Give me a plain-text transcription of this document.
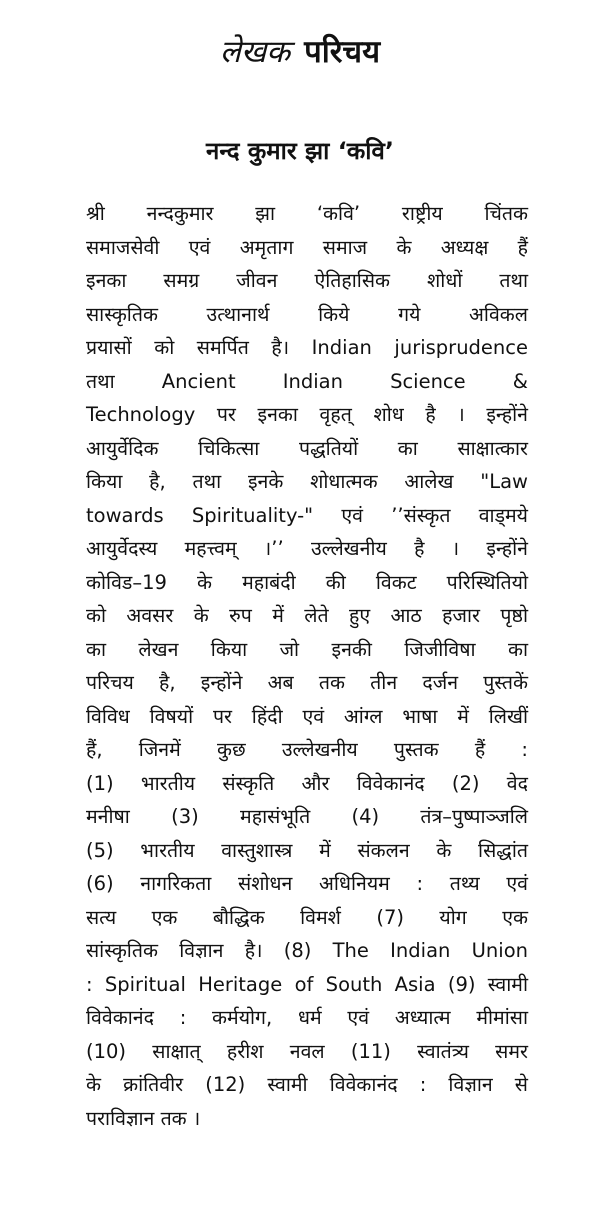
लेखक परिचय
नन्द कुमार झा ‘कवि’
श्री नन्दकुमार झा ‘कवि’ राष्ट्रीय चिंतक
समाजसेवी एवं अमृताग समाज के अध्यक्ष हैं
इनका समग्र जीवन ऐतिहासिक शोधों तथा
सास्कृतिक उत्थानार्थ किये गये अविकल
प्रयासों को समर्पित है। Indian jurisprudence
तथा Ancient Indian Science &
Technology पर इनका वृहत् शोध है । इन्होंने
आयुर्वेदिक चिकित्सा पद्धतियों का साक्षात्कार
किया है, तथा इनके शोधात्मक आलेख "Law
towards Spirituality-" एवं ’’संस्कृत वाड्मये
आयुर्वेदस्य महत्त्वम् ।’’ उल्लेखनीय है । इन्होंने
कोविड–19 के महाबंदी की विकट परिस्थितियो
को अवसर के रुप में लेते हुए आठ हजार पृष्ठो
का लेखन किया जो इनकी जिजीविषा का
परिचय है, इन्होंने अब तक तीन दर्जन पुस्तकें
विविध विषयों पर हिंदी एवं आंग्ल भाषा में लिखीं
हैं, जिनमें कुछ उल्लेखनीय पुस्तक हैं :
(1) भारतीय संस्कृति और विवेकानंद (2) वेद
मनीषा (3) महासंभूति (4) तंत्र–पुष्पाञ्जलि
(5) भारतीय वास्तुशास्त्र में संकलन के सिद्धांत
(6) नागरिकता संशोधन अधिनियम : तथ्य एवं
सत्य एक बौद्धिक विमर्श (7) योग एक
सांस्कृतिक विज्ञान है। (8) The Indian Union
: Spiritual Heritage of South Asia (9) स्वामी
विवेकानंद : कर्मयोग, धर्म एवं अध्यात्म मीमांसा
(10) साक्षात् हरीश नवल (11) स्वातंत्र्य समर
के क्रांतिवीर (12) स्वामी विवेकानंद : विज्ञान से
पराविज्ञान तक ।
